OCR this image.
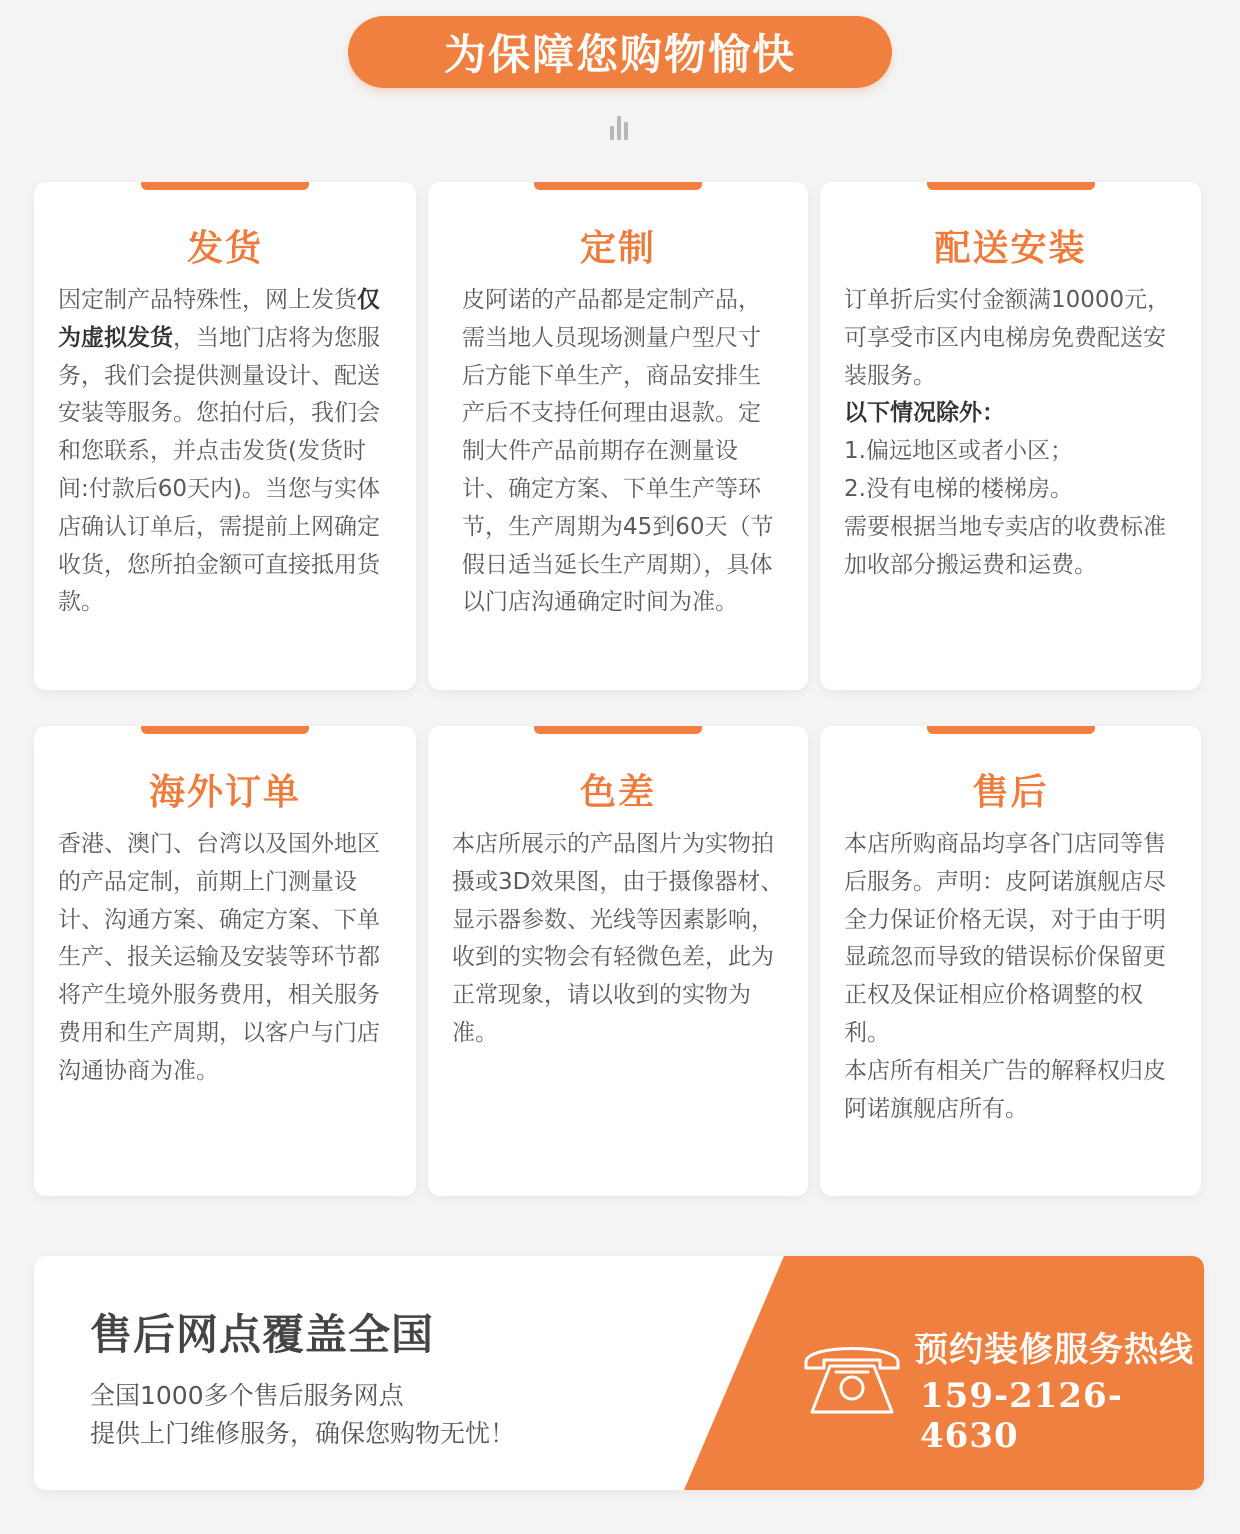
为保障您购物愉快
发货

因定制产品特殊性，网上发货仅为虚拟发货，当地门店将为您服务，我们会提供测量设计、配送安装等服务。您拍付后，我们会和您联系，并点击发货(发货时间:付款后60天内)。当您与实体店确认订单后，需提前上网确定收货，您所拍金额可直接抵用货款。

定制

皮阿诺的产品都是定制产品，需当地人员现场测量户型尺寸后方能下单生产，商品安排生产后不支持任何理由退款。定制大件产品前期存在测量设计、确定方案、下单生产等环节，生产周期为45到60天（节假日适当延长生产周期），具体以门店沟通确定时间为准。

配送安装

订单折后实付金额满10000元，可享受市区内电梯房免费配送安装服务。

以下情况除外：

1.偏远地区或者小区；

2.没有电梯的楼梯房。

需要根据当地专卖店的收费标准加收部分搬运费和运费。

海外订单

香港、澳门、台湾以及国外地区的产品定制，前期上门测量设计、沟通方案、确定方案、下单生产、报关运输及安装等环节都将产生境外服务费用，相关服务费用和生产周期，以客户与门店沟通协商为准。

色差

本店所展示的产品图片为实物拍摄或3D效果图，由于摄像器材、显示器参数、光线等因素影响，收到的实物会有轻微色差，此为正常现象，请以收到的实物为准。

售后

本店所购商品均享各门店同等售后服务。声明：皮阿诺旗舰店尽全力保证价格无误，对于由于明显疏忽而导致的错误标价保留更正权及保证相应价格调整的权利。

本店所有相关广告的解释权归皮阿诺旗舰店所有。

售后网点覆盖全国
全国1000多个售后服务网点
提供上门维修服务，确保您购物无忧！
预约装修服务热线
159-2126-4630
